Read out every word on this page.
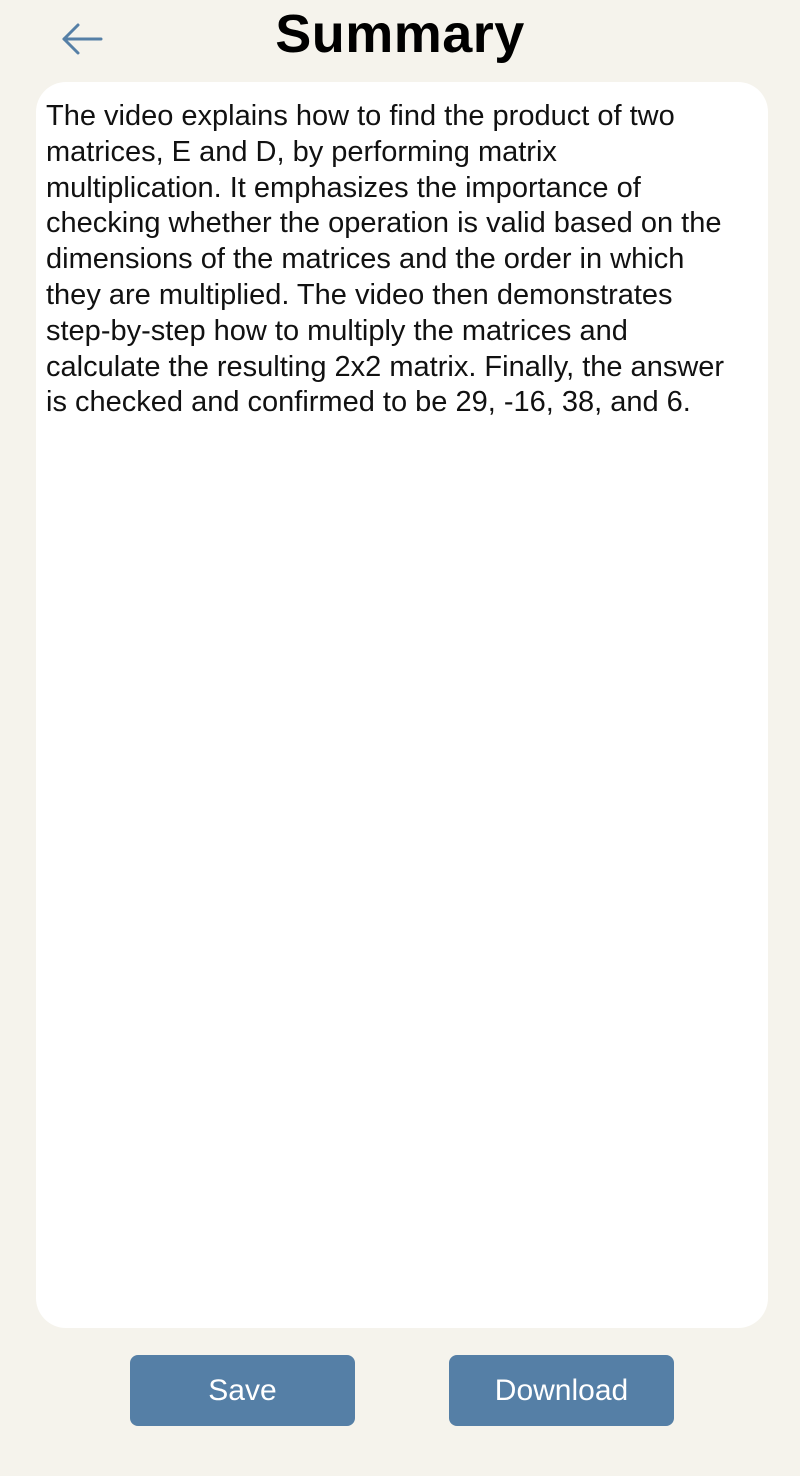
Summary

The video explains how to find the product of two matrices, E and D, by performing matrix multiplication. It emphasizes the importance of checking whether the operation is valid based on the dimensions of the matrices and the order in which they are multiplied. The video then demonstrates step-by-step how to multiply the matrices and calculate the resulting 2x2 matrix. Finally, the answer is checked and confirmed to be 29, -16, 38, and 6.

Save	Download
